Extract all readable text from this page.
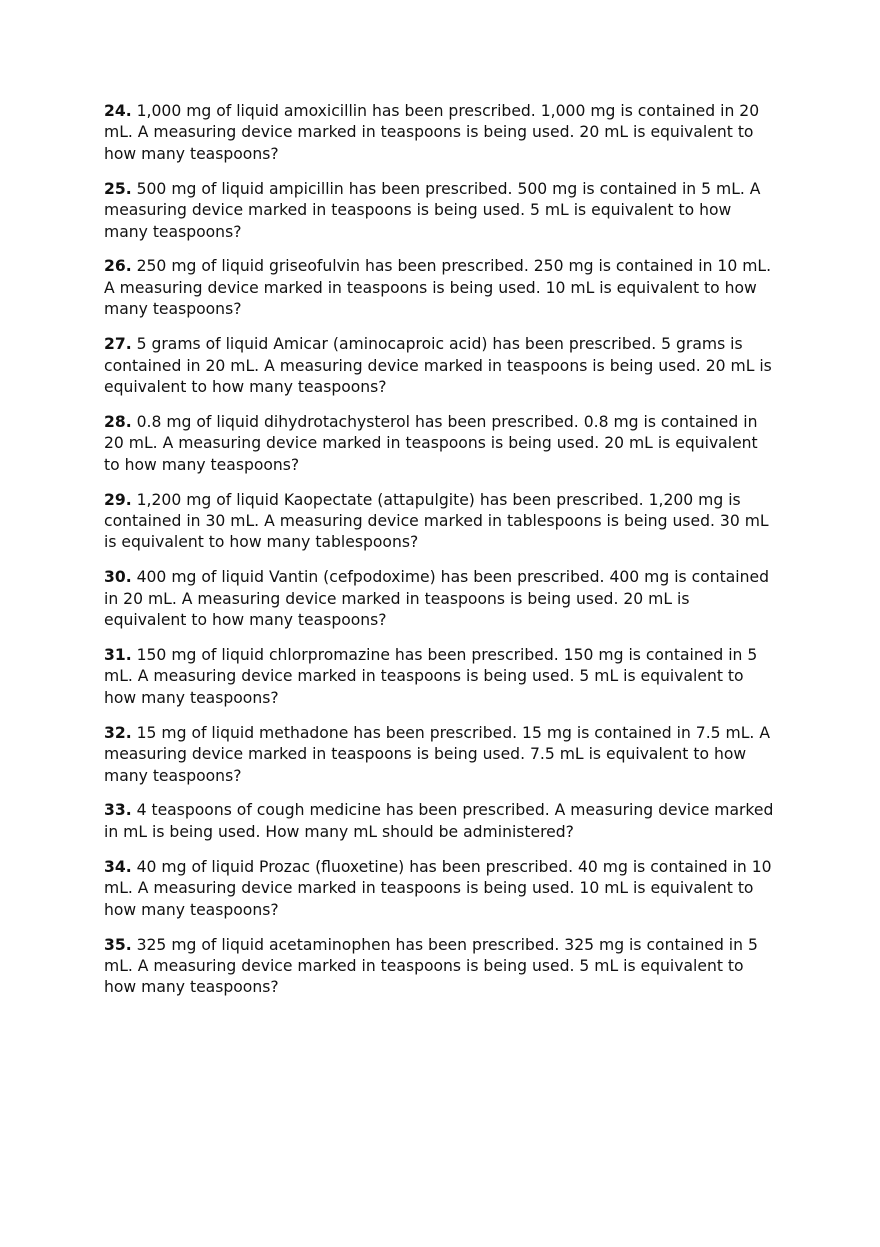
24. 1,000 mg of liquid amoxicillin has been prescribed. 1,000 mg is contained in 20 mL. A measuring device marked in teaspoons is being used. 20 mL is equivalent to how many teaspoons?

25. 500 mg of liquid ampicillin has been prescribed. 500 mg is contained in 5 mL. A measuring device marked in teaspoons is being used. 5 mL is equivalent to how many teaspoons?

26. 250 mg of liquid griseofulvin has been prescribed. 250 mg is contained in 10 mL. A measuring device marked in teaspoons is being used. 10 mL is equivalent to how many teaspoons?

27. 5 grams of liquid Amicar (aminocaproic acid) has been prescribed. 5 grams is contained in 20 mL. A measuring device marked in teaspoons is being used. 20 mL is equivalent to how many teaspoons?

28. 0.8 mg of liquid dihydrotachysterol has been prescribed. 0.8 mg is contained in 20 mL. A measuring device marked in teaspoons is being used. 20 mL is equivalent to how many teaspoons?

29. 1,200 mg of liquid Kaopectate (attapulgite) has been prescribed. 1,200 mg is contained in 30 mL. A measuring device marked in tablespoons is being used. 30 mL is equivalent to how many tablespoons?

30. 400 mg of liquid Vantin (cefpodoxime) has been prescribed. 400 mg is contained in 20 mL. A measuring device marked in teaspoons is being used. 20 mL is equivalent to how many teaspoons?

31. 150 mg of liquid chlorpromazine has been prescribed. 150 mg is contained in 5 mL. A measuring device marked in teaspoons is being used. 5 mL is equivalent to how many teaspoons?

32. 15 mg of liquid methadone has been prescribed. 15 mg is contained in 7.5 mL. A measuring device marked in teaspoons is being used. 7.5 mL is equivalent to how many teaspoons?

33. 4 teaspoons of cough medicine has been prescribed. A measuring device marked in mL is being used. How many mL should be administered?

34. 40 mg of liquid Prozac (fluoxetine) has been prescribed. 40 mg is contained in 10 mL. A measuring device marked in teaspoons is being used. 10 mL is equivalent to how many teaspoons?

35. 325 mg of liquid acetaminophen has been prescribed. 325 mg is contained in 5 mL. A measuring device marked in teaspoons is being used. 5 mL is equivalent to how many teaspoons?
